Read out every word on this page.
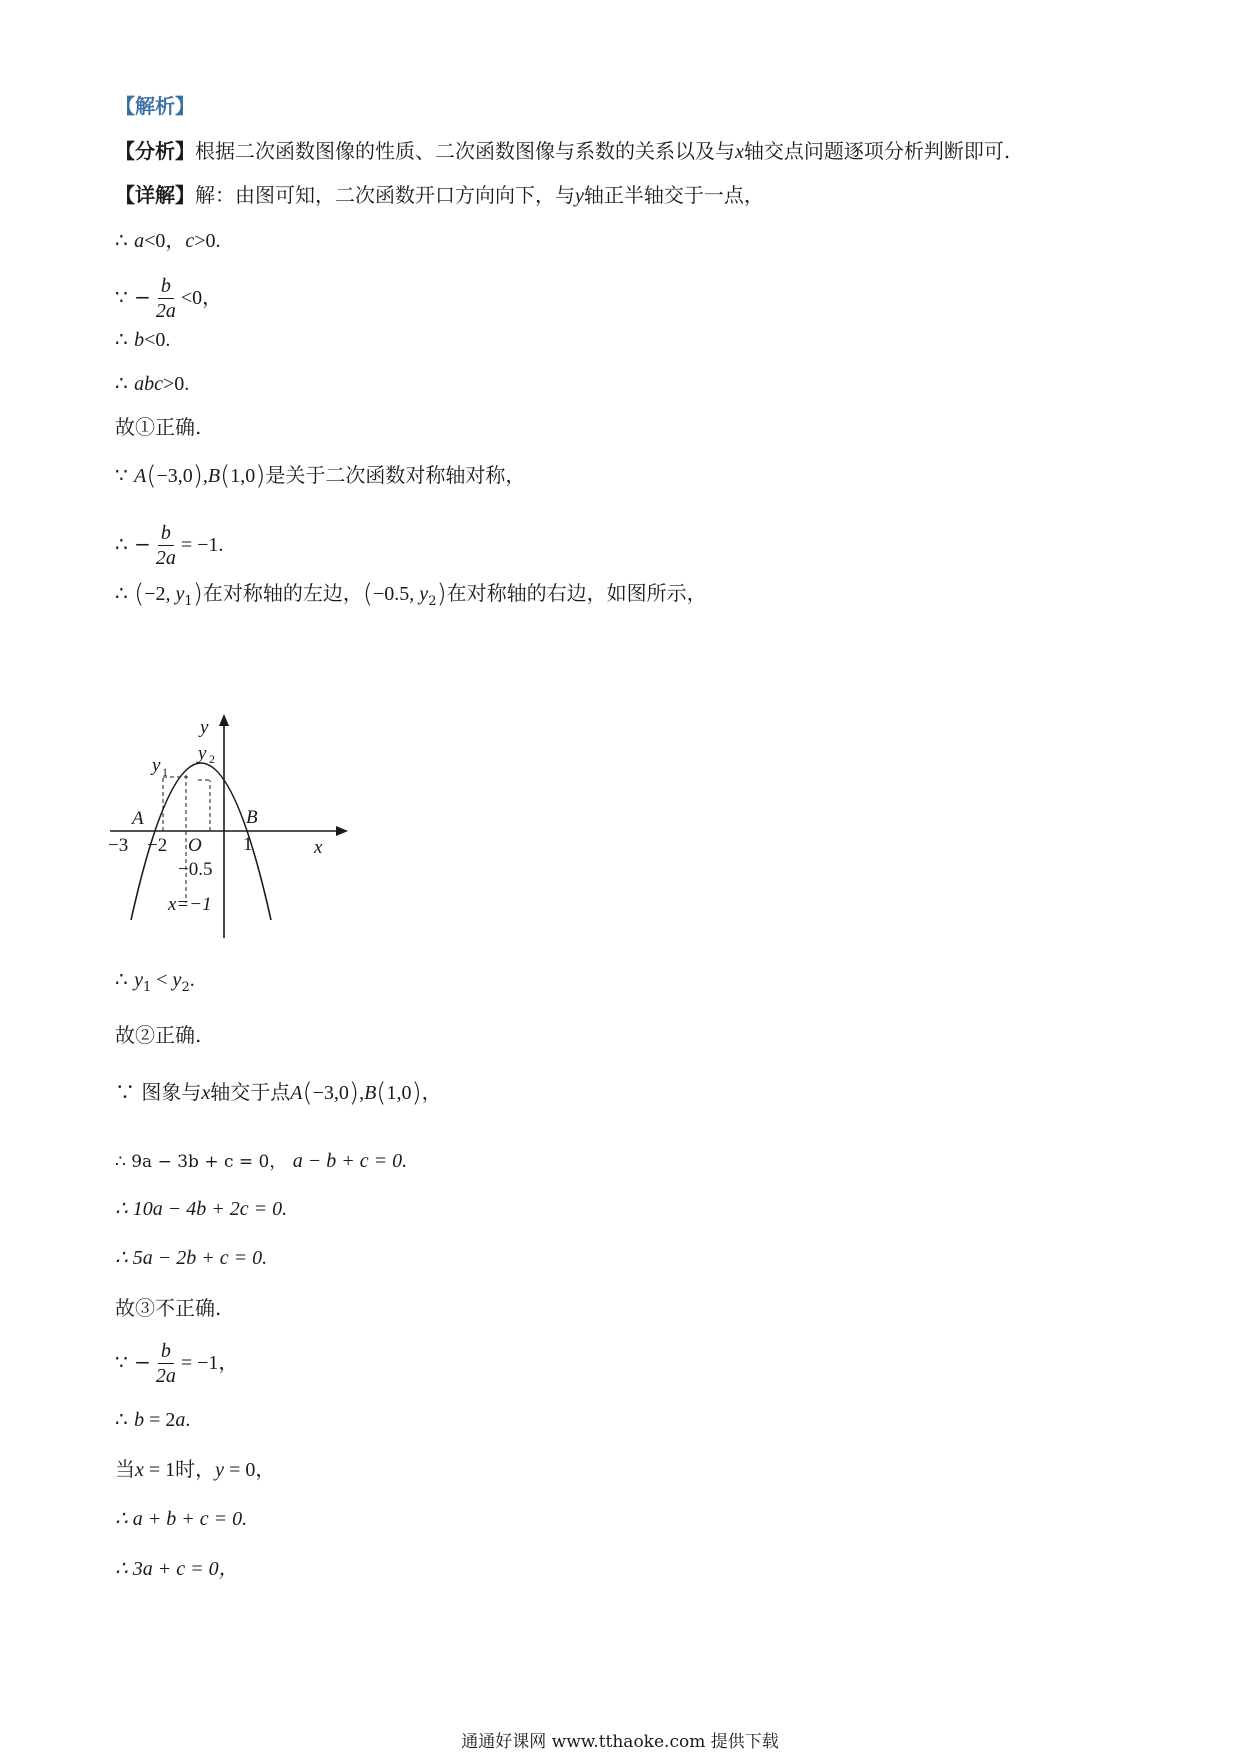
【解析】
【分析】根据二次函数图像的性质、二次函数图像与系数的关系以及与x轴交点问题逐项分析判断即可.
【详解】解：由图可知，二次函数开口方向向下，与y轴正半轴交于一点，
∴ a<0，c>0.
∵ − $\frac{b}{2a} <0$，
∴ b<0.
∴ abc>0.
故①正确.
∵ A(−3,0),B(1,0)是关于二次函数对称轴对称，
∴ − $\frac{b}{2a} = -1$.
∴ (−2, $y_1$)在对称轴的左边，(−0.5, $y_2$)在对称轴的右边，如图所示，
y
y 1
y 2
A	B
−3 −2 O 1	x
−0.5
x=−1
∴ $y_1 < y_2$.
故②正确.
∵ 图象与x轴交于点A(−3,0),B(1,0)，
∴ 9a − 3b + c = 0， a − b + c = 0.
∴ 10a − 4b + 2c = 0.
∴ 5a − 2b + c = 0.
故③不正确.
∵ − $\frac{b}{2a} = -1$，
∴ b = 2a.
当x = 1时，y = 0，
∴ a + b + c = 0.
∴ 3a + c = 0，
通通好课网 www.tthaoke.com 提供下载
